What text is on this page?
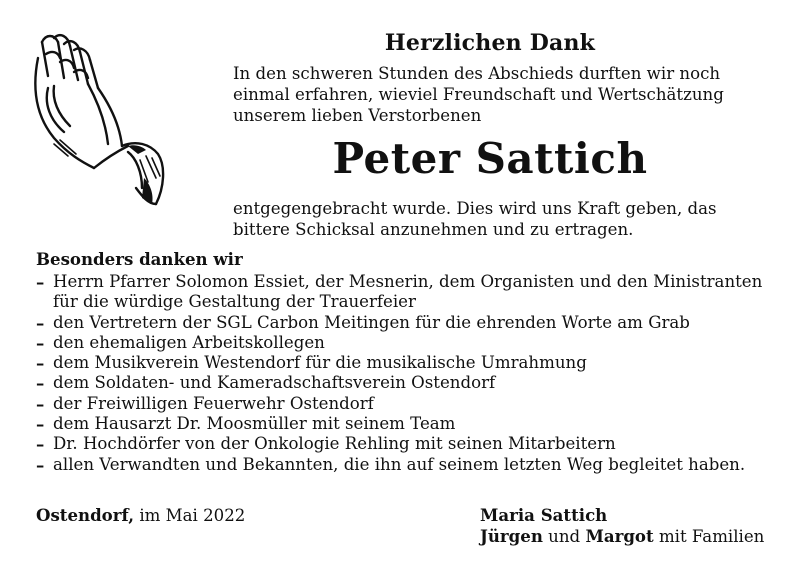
Herzlichen Dank
In den schweren Stunden des Abschieds durften wir noch einmal erfahren, wieviel Freundschaft und Wertschätzung unserem lieben Verstorbenen
Peter Sattich
entgegengebracht wurde. Dies wird uns Kraft geben, das bittere Schicksal anzunehmen und zu ertragen.
Besonders danken wir
– Herrn Pfarrer Solomon Essiet, der Mesnerin, dem Organisten und den Ministranten für die würdige Gestaltung der Trauerfeier
– den Vertretern der SGL Carbon Meitingen für die ehrenden Worte am Grab
– den ehemaligen Arbeitskollegen
– dem Musikverein Westendorf für die musikalische Umrahmung
– dem Soldaten- und Kameradschaftsverein Ostendorf
– der Freiwilligen Feuerwehr Ostendorf
– dem Hausarzt Dr. Moosmüller mit seinem Team
– Dr. Hochdörfer von der Onkologie Rehling mit seinen Mitarbeitern
– allen Verwandten und Bekannten, die ihn auf seinem letzten Weg begleitet haben.
Ostendorf, im Mai 2022	Maria Sattich
Jürgen und Margot mit Familien
